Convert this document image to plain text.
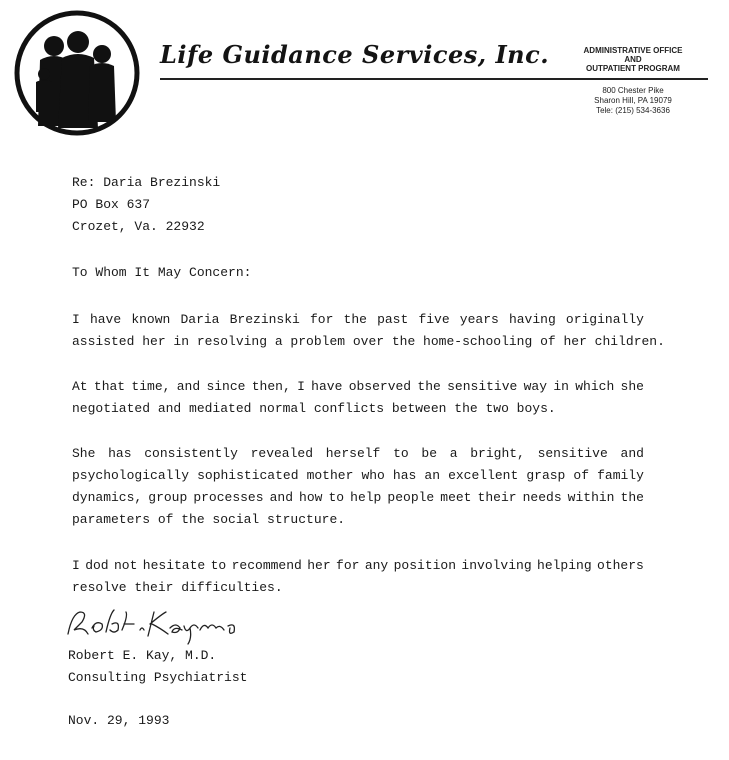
Life Guidance Services, Inc.	ADMINISTRATIVE OFFICE
AND
OUTPATIENT PROGRAM
800 Chester Pike
Sharon Hill, PA 19079
Tele: (215) 534-3636
Re: Daria Brezinski
PO Box 637
Crozet, Va. 22932
To Whom It May Concern:
I have known Daria Brezinski for the past five years having originally
assisted her in resolving a problem over the home-schooling of her children.
At that time, and since then, I have observed the sensitive way in which she
negotiated and mediated normal conflicts between the two boys.
She has consistently revealed herself to be a bright, sensitive and
psychologically sophisticated mother who has an excellent grasp of family
dynamics, group processes and how to help people meet their needs within the
parameters of the social structure.
I dod not hesitate to recommend her for any position involving helping others
resolve their difficulties.
Robert E. Kay, M.D.
Consulting Psychiatrist
Nov. 29, 1993
